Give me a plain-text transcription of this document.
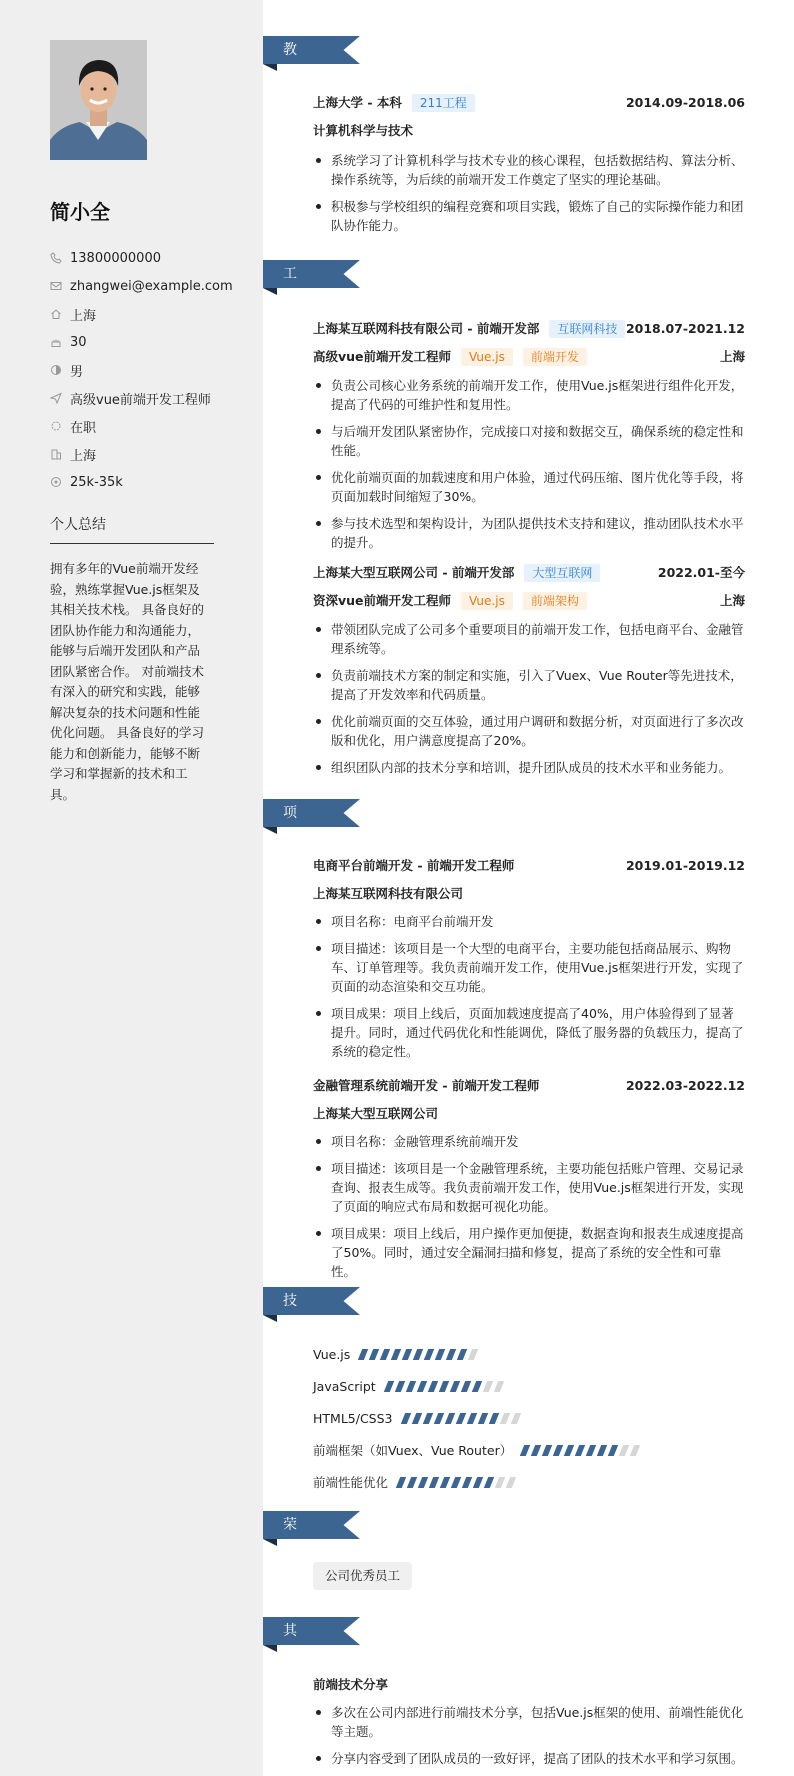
简小全
13800000000
zhangwei@example.com
上海
30
男
高级vue前端开发工程师
在职
上海
25k-35k
个人总结
拥有多年的Vue前端开发经验，熟练掌握Vue.js框架及其相关技术栈。 具备良好的团队协作能力和沟通能力，能够与后端开发团队和产品团队紧密合作。 对前端技术有深入的研究和实践，能够解决复杂的技术问题和性能优化问题。 具备良好的学习能力和创新能力，能够不断学习和掌握新的技术和工具。
教育经历
上海大学 - 本科	211工程	2014.09-2018.06
计算机科学与技术
系统学习了计算机科学与技术专业的核心课程，包括数据结构、算法分析、操作系统等，为后续的前端开发工作奠定了坚实的理论基础。
积极参与学校组织的编程竞赛和项目实践，锻炼了自己的实际操作能力和团队协作能力。
工作经历
上海某互联网科技有限公司 - 前端开发部	互联网科技 2018.07-2021.12
高级vue前端开发工程师	Vue.js	前端开发	上海
负责公司核心业务系统的前端开发工作，使用Vue.js框架进行组件化开发，提高了代码的可维护性和复用性。
与后端开发团队紧密协作，完成接口对接和数据交互，确保系统的稳定性和性能。
优化前端页面的加载速度和用户体验，通过代码压缩、图片优化等手段，将页面加载时间缩短了30%。
参与技术选型和架构设计，为团队提供技术支持和建议，推动团队技术水平的提升。
上海某大型互联网公司 - 前端开发部	大型互联网	2022.01-至今
资深vue前端开发工程师	Vue.js	前端架构	上海
带领团队完成了公司多个重要项目的前端开发工作，包括电商平台、金融管理系统等。
负责前端技术方案的制定和实施，引入了Vuex、Vue Router等先进技术，提高了开发效率和代码质量。
优化前端页面的交互体验，通过用户调研和数据分析，对页面进行了多次改版和优化，用户满意度提高了20%。
组织团队内部的技术分享和培训，提升团队成员的技术水平和业务能力。
项目经历
电商平台前端开发 - 前端开发工程师	2019.01-2019.12
上海某互联网科技有限公司
项目名称：电商平台前端开发
项目描述：该项目是一个大型的电商平台，主要功能包括商品展示、购物车、订单管理等。我负责前端开发工作，使用Vue.js框架进行开发，实现了页面的动态渲染和交互功能。
项目成果：项目上线后，页面加载速度提高了40%，用户体验得到了显著提升。同时，通过代码优化和性能调优，降低了服务器的负载压力，提高了系统的稳定性。
金融管理系统前端开发 - 前端开发工程师	2022.03-2022.12
上海某大型互联网公司
项目名称：金融管理系统前端开发
项目描述：该项目是一个金融管理系统，主要功能包括账户管理、交易记录查询、报表生成等。我负责前端开发工作，使用Vue.js框架进行开发，实现了页面的响应式布局和数据可视化功能。
项目成果：项目上线后，用户操作更加便捷，数据查询和报表生成速度提高了50%。同时，通过安全漏洞扫描和修复，提高了系统的安全性和可靠性。
技能专长
Vue.js
JavaScript
HTML5/CSS3
前端框架（如Vuex、Vue Router）
前端性能优化
荣誉奖项
公司优秀员工
其他信息
前端技术分享
多次在公司内部进行前端技术分享，包括Vue.js框架的使用、前端性能优化等主题。
分享内容受到了团队成员的一致好评，提高了团队的技术水平和学习氛围。
